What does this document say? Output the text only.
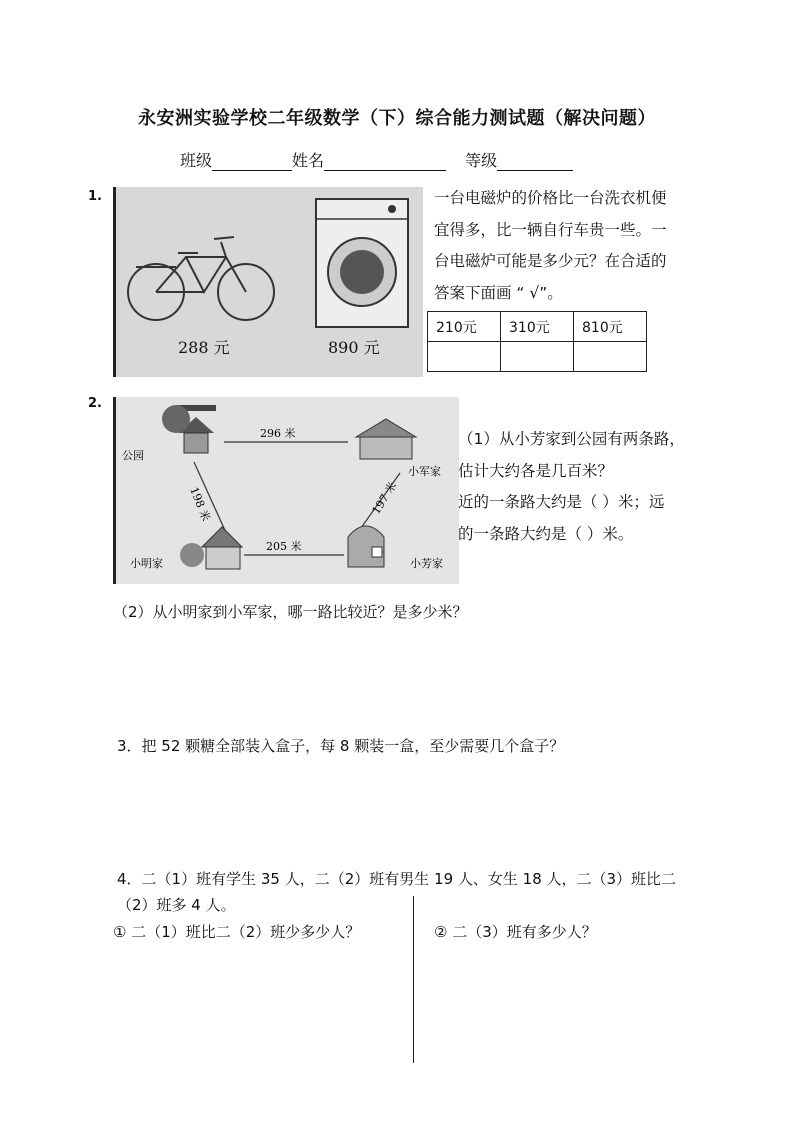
永安洲实验学校二年级数学（下）综合能力测试题（解决问题）
班级	姓名	等级
1.
288 元	890 元
一台电磁炉的价格比一台洗衣机便
宜得多，比一辆自行车贵一些。一
台电磁炉可能是多少元？在合适的
答案下面画 “ √”。
210元	310元	810元

2.
公园
小军家
小明家	小芳家
296 米
205 米
198 米	197 米
（1）从小芳家到公园有两条路，
估计大约各是几百米？
近的一条路大约是（ ）米；远
的一条路大约是（ ）米。
（2）从小明家到小军家，哪一路比较近？是多少米？
3．把 52 颗糖全部装入盒子，每 8 颗装一盒，至少需要几个盒子？
4．二（1）班有学生 35 人，二（2）班有男生 19 人、女生 18 人，二（3）班比二
（2）班多 4 人。
① 二（1）班比二（2）班少多少人？	② 二（3）班有多少人？
